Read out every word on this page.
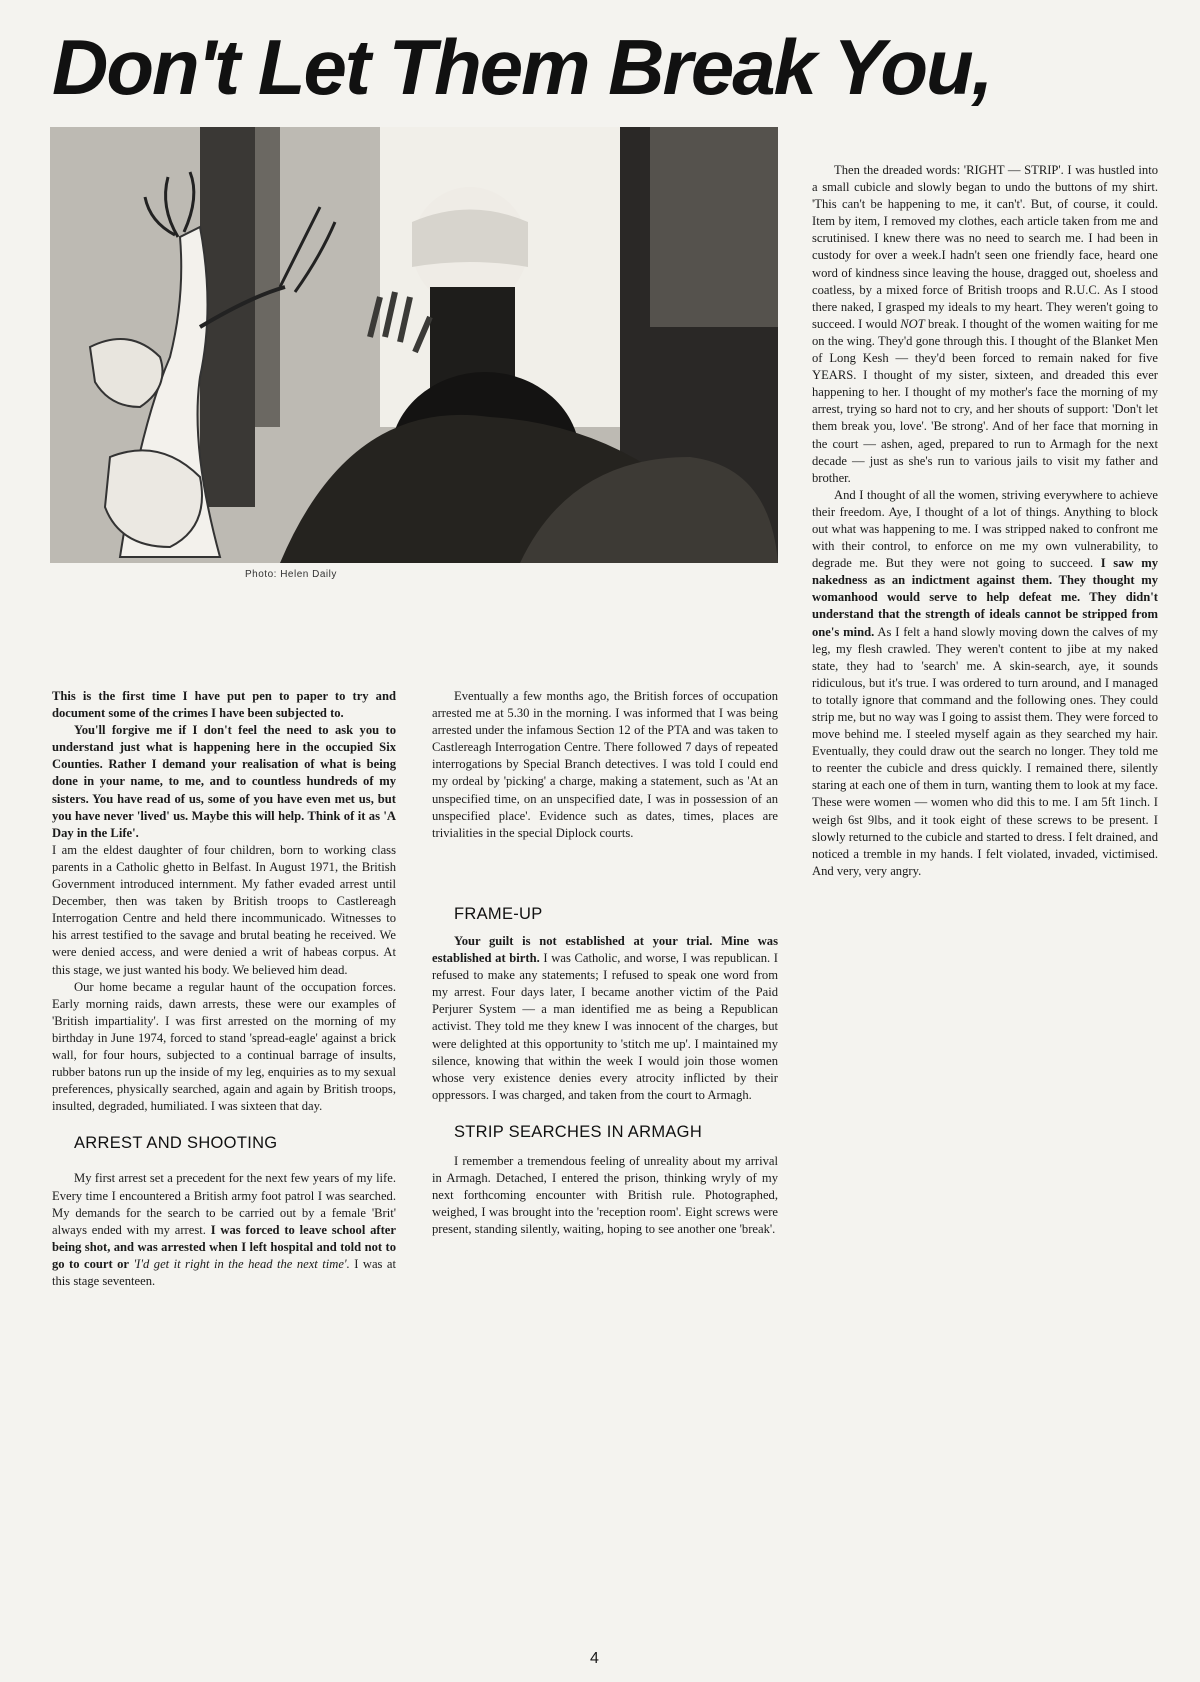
Don't Let Them Break You,
Photo: Helen Daily

This is the first time I have put pen to paper to try and document some of the crimes I have been subjected to.

You'll forgive me if I don't feel the need to ask you to understand just what is happening here in the occupied Six Counties. Rather I demand your realisation of what is being done in your name, to me, and to countless hundreds of my sisters. You have read of us, some of you have even met us, but you have never 'lived' us. Maybe this will help. Think of it as 'A Day in the Life'.

I am the eldest daughter of four children, born to working class parents in a Catholic ghetto in Belfast. In August 1971, the British Government introduced internment. My father evaded arrest until December, then was taken by British troops to Castlereagh Interrogation Centre and held there incommunicado. Witnesses to his arrest testified to the savage and brutal beating he received. We were denied access, and were denied a writ of habeas corpus. At this stage, we just wanted his body. We believed him dead.

Our home became a regular haunt of the occupation forces. Early morning raids, dawn arrests, these were our examples of 'British impartiality'. I was first arrested on the morning of my birthday in June 1974, forced to stand 'spread-eagle' against a brick wall, for four hours, subjected to a continual barrage of insults, rubber batons run up the inside of my leg, enquiries as to my sexual preferences, physically searched, again and again by British troops, insulted, degraded, humiliated. I was sixteen that day.

ARREST AND SHOOTING

My first arrest set a precedent for the next few years of my life. Every time I encountered a British army foot patrol I was searched. My demands for the search to be carried out by a female 'Brit' always ended with my arrest. I was forced to leave school after being shot, and was arrested when I left hospital and told not to go to court or 'I'd get it right in the head the next time'. I was at this stage seventeen.

Eventually a few months ago, the British forces of occupation arrested me at 5.30 in the morning. I was informed that I was being arrested under the infamous Section 12 of the PTA and was taken to Castlereagh Interrogation Centre. There followed 7 days of repeated interrogations by Special Branch detectives. I was told I could end my ordeal by 'picking' a charge, making a statement, such as 'At an unspecified time, on an unspecified date, I was in possession of an unspecified place'. Evidence such as dates, times, places are trivialities in the special Diplock courts.

FRAME-UP

Your guilt is not established at your trial. Mine was established at birth. I was Catholic, and worse, I was republican. I refused to make any statements; I refused to speak one word from my arrest. Four days later, I became another victim of the Paid Perjurer System — a man identified me as being a Republican activist. They told me they knew I was innocent of the charges, but were delighted at this opportunity to 'stitch me up'. I maintained my silence, knowing that within the week I would join those women whose very existence denies every atrocity inflicted by their oppressors. I was charged, and taken from the court to Armagh.

STRIP SEARCHES IN ARMAGH

I remember a tremendous feeling of unreality about my arrival in Armagh. Detached, I entered the prison, thinking wryly of my next forthcoming encounter with British rule. Photographed, weighed, I was brought into the 'reception room'. Eight screws were present, standing silently, waiting, hoping to see another one 'break'.

Then the dreaded words: 'RIGHT — STRIP'. I was hustled into a small cubicle and slowly began to undo the buttons of my shirt. 'This can't be happening to me, it can't'. But, of course, it could. Item by item, I removed my clothes, each article taken from me and scrutinised. I knew there was no need to search me. I had been in custody for over a week.I hadn't seen one friendly face, heard one word of kindness since leaving the house, dragged out, shoeless and coatless, by a mixed force of British troops and R.U.C. As I stood there naked, I grasped my ideals to my heart. They weren't going to succeed. I would NOT break. I thought of the women waiting for me on the wing. They'd gone through this. I thought of the Blanket Men of Long Kesh — they'd been forced to remain naked for five YEARS. I thought of my sister, sixteen, and dreaded this ever happening to her. I thought of my mother's face the morning of my arrest, trying so hard not to cry, and her shouts of support: 'Don't let them break you, love'. 'Be strong'. And of her face that morning in the court — ashen, aged, prepared to run to Armagh for the next decade — just as she's run to various jails to visit my father and brother.

And I thought of all the women, striving everywhere to achieve their freedom. Aye, I thought of a lot of things. Anything to block out what was happening to me. I was stripped naked to confront me with their control, to enforce on me my own vulnerability, to degrade me. But they were not going to succeed. I saw my nakedness as an indictment against them. They thought my womanhood would serve to help defeat me. They didn't understand that the strength of ideals cannot be stripped from one's mind. As I felt a hand slowly moving down the calves of my leg, my flesh crawled. They weren't content to jibe at my naked state, they had to 'search' me. A skin-search, aye, it sounds ridiculous, but it's true. I was ordered to turn around, and I managed to totally ignore that command and the following ones. They could strip me, but no way was I going to assist them. They were forced to move behind me. I steeled myself again as they searched my hair. Eventually, they could draw out the search no longer. They told me to reenter the cubicle and dress quickly. I remained there, silently staring at each one of them in turn, wanting them to look at my face. These were women — women who did this to me. I am 5ft 1inch. I weigh 6st 9lbs, and it took eight of these screws to be present. I slowly returned to the cubicle and started to dress. I felt drained, and noticed a tremble in my hands. I felt violated, invaded, victimised. And very, very angry.

4
